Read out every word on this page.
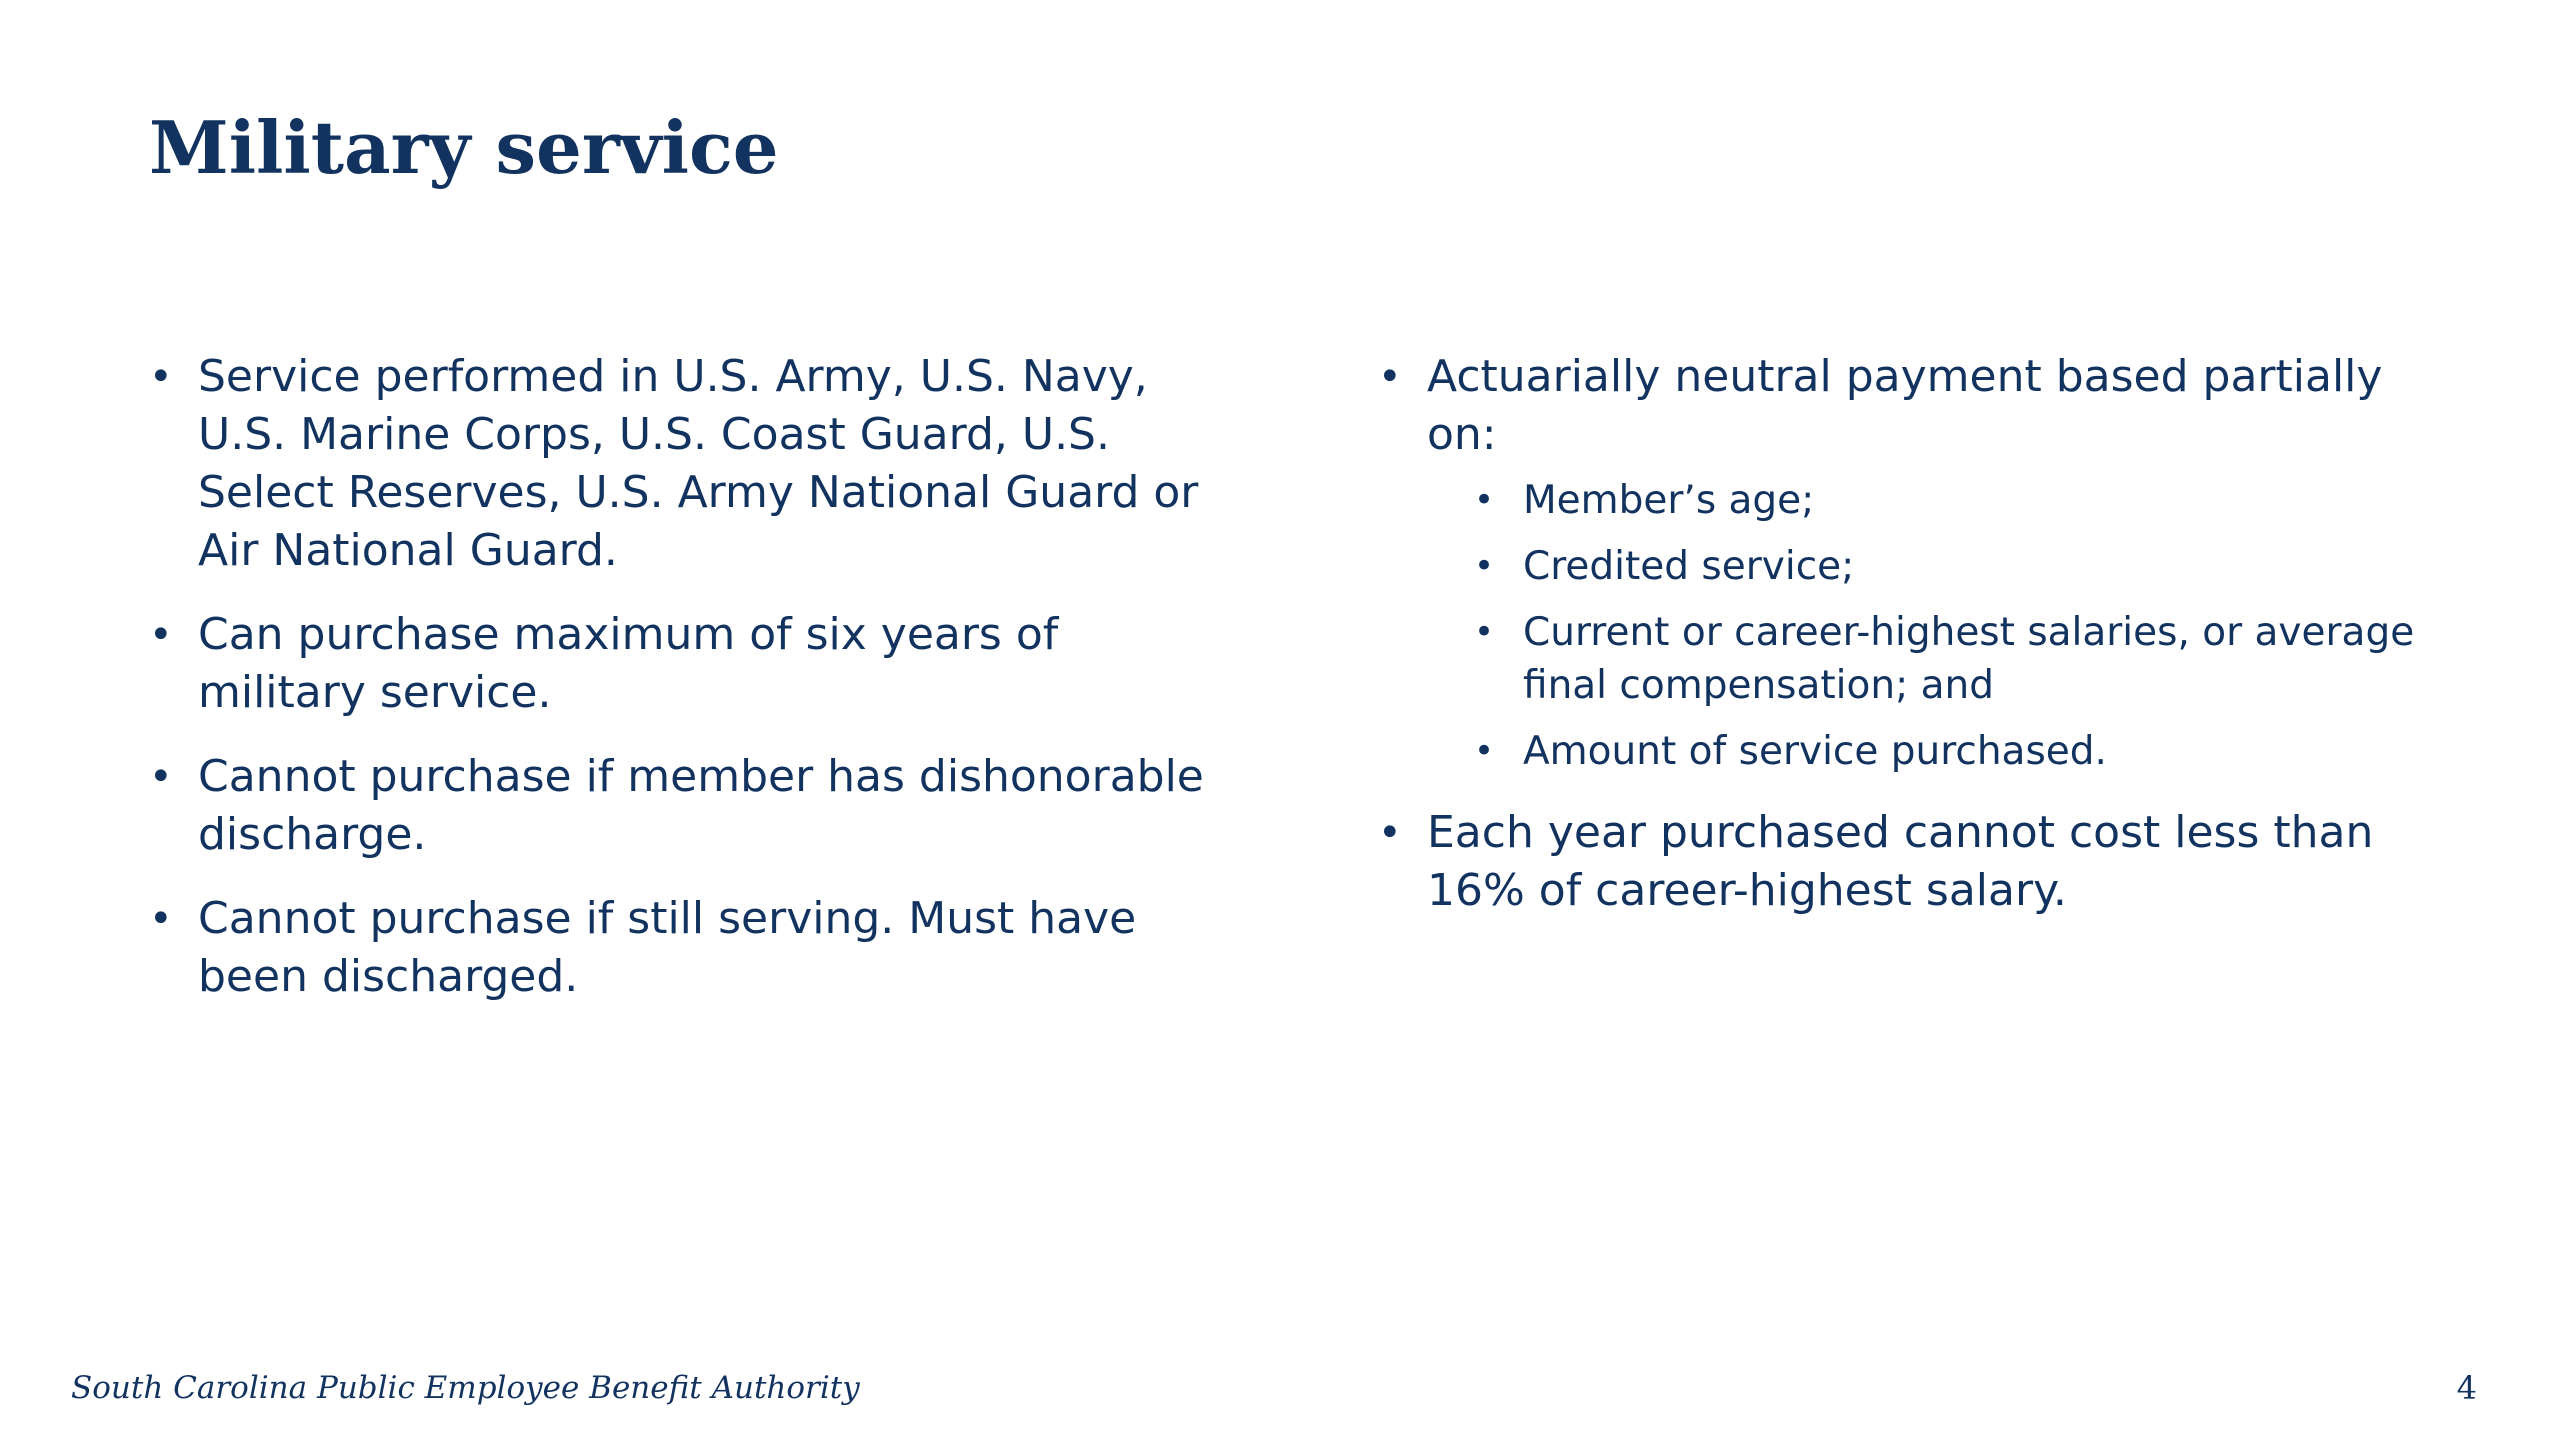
Military service
• Service performed in U.S. Army, U.S. Navy, U.S. Marine Corps, U.S. Coast Guard, U.S. Select Reserves, U.S. Army National Guard or Air National Guard.
• Can purchase maximum of six years of military service.
• Cannot purchase if member has dishonorable discharge.
• Cannot purchase if still serving. Must have been discharged.
• Actuarially neutral payment based partially on:
• Member’s age;
• Credited service;
• Current or career-highest salaries, or average final compensation; and
• Amount of service purchased.
• Each year purchased cannot cost less than 16% of career-highest salary.
South Carolina Public Employee Benefit Authority	4
